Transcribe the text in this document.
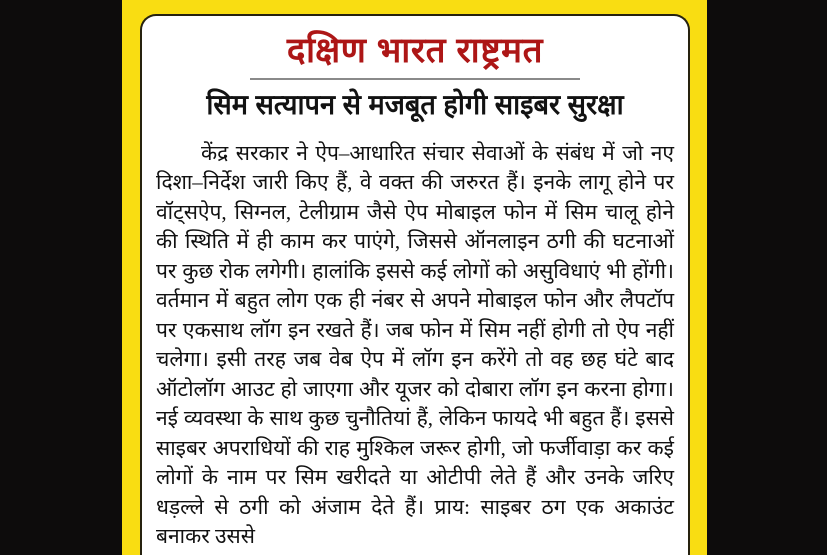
दक्षिण भारत राष्ट्रमत
सिम सत्यापन से मजबूत होगी साइबर सुरक्षा
केंद्र सरकार ने ऐप–आधारित संचार सेवाओं के संबंध में जो नए दिशा–निर्देश जारी किए हैं, वे वक्त की जरुरत हैं। इनके लागू होने पर वॉट्सऐप, सिग्नल, टेलीग्राम जैसे ऐप मोबाइल फोन में सिम चालू होने की स्थिति में ही काम कर पाएंगे, जिससे ऑनलाइन ठगी की घटनाओं पर कुछ रोक लगेगी। हालांकि इससे कई लोगों को असुविधाएं भी होंगी। वर्तमान में बहुत लोग एक ही नंबर से अपने मोबाइल फोन और लैपटॉप पर एकसाथ लॉग इन रखते हैं। जब फोन में सिम नहीं होगी तो ऐप नहीं चलेगा। इसी तरह जब वेब ऐप में लॉग इन करेंगे तो वह छह घंटे बाद ऑटोलॉग आउट हो जाएगा और यूजर को दोबारा लॉग इन करना होगा। नई व्यवस्था के साथ कुछ चुनौतियां हैं, लेकिन फायदे भी बहुत हैं। इससे साइबर अपराधियों की राह मुश्किल जरूर होगी, जो फर्जीवाड़ा कर कई लोगों के नाम पर सिम खरीदते या ओटीपी लेते हैं और उनके जरिए धड़ल्ले से ठगी को अंजाम देते हैं। प्राय: साइबर ठग एक अकाउंट बनाकर उससे
